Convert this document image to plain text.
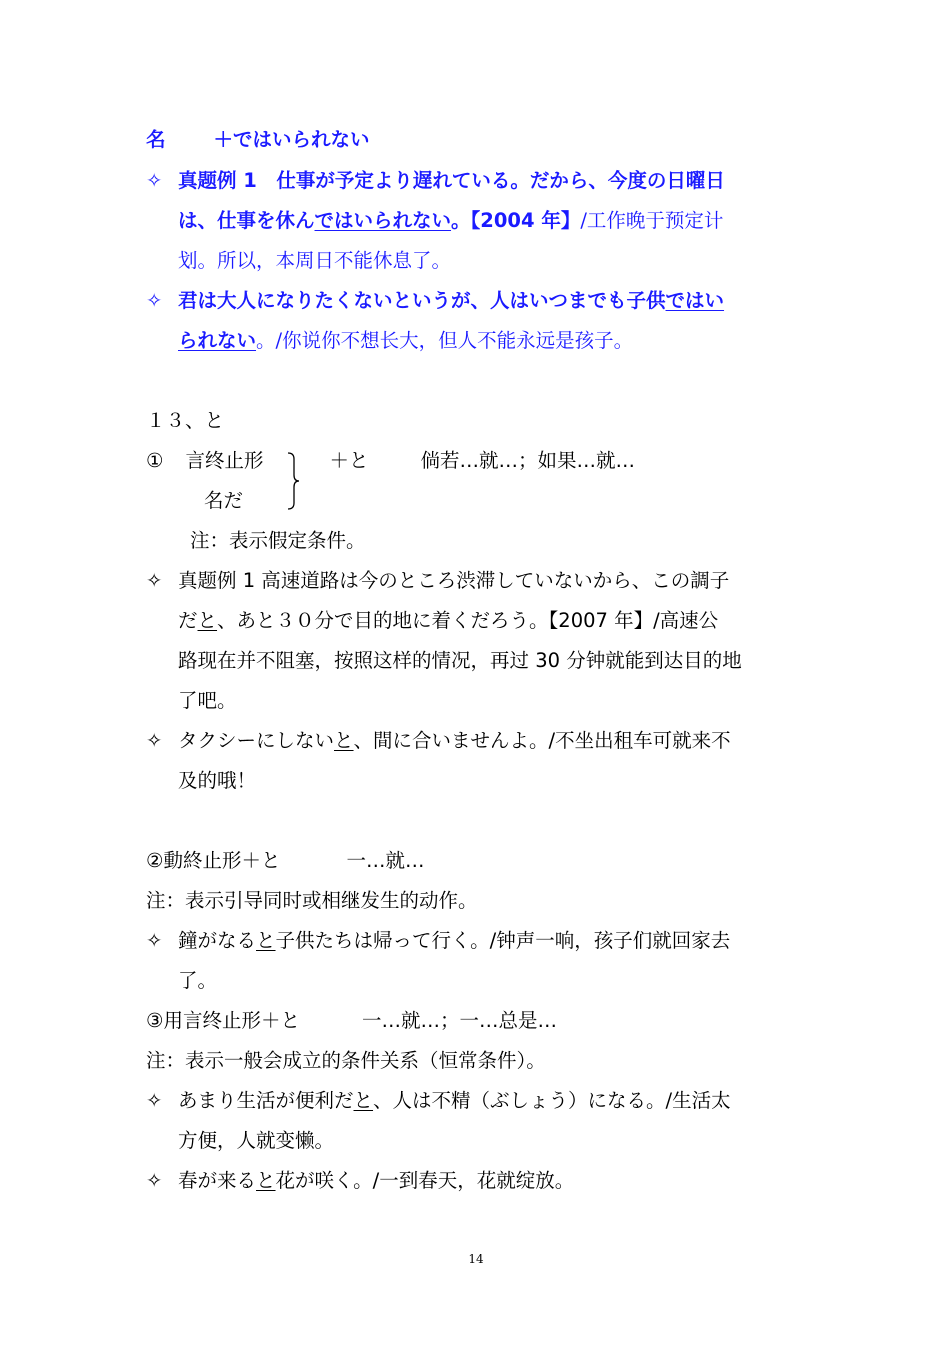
名 ＋ではいられない
✧ 真题例 1　仕事が予定より遅れている。だから、今度の日曜日
は、仕事を休んではいられない。【2004 年】/工作晚于预定计
划。所以，本周日不能休息了。
✧ 君は大人になりたくないというが、人はいつまでも子供ではい
られない。/你说你不想长大，但人不能永远是孩子。
１３、と
① 言终止形	＋と	倘若…就…；如果…就…
名だ
注：表示假定条件。
✧ 真题例 1 高速道路は今のところ渋滞していないから、この調子
だと、あと３０分で目的地に着くだろう。【2007 年】/高速公
路现在并不阻塞，按照这样的情况，再过 30 分钟就能到达目的地
了吧。
✧ タクシーにしないと、間に合いませんよ。/不坐出租车可就来不
及的哦！
②動終止形＋と	一…就…
注：表示引导同时或相继发生的动作。
✧ 鐘がなると子供たちは帰って行く。/钟声一响，孩子们就回家去
了。
③用言终止形＋と	一…就…；一…总是…
注：表示一般会成立的条件关系（恒常条件）。
✧ あまり生活が便利だと、人は不精（ぶしょう）になる。/生活太
方便，人就变懒。
✧ 春が来ると花が咲く。/一到春天，花就绽放。
14
